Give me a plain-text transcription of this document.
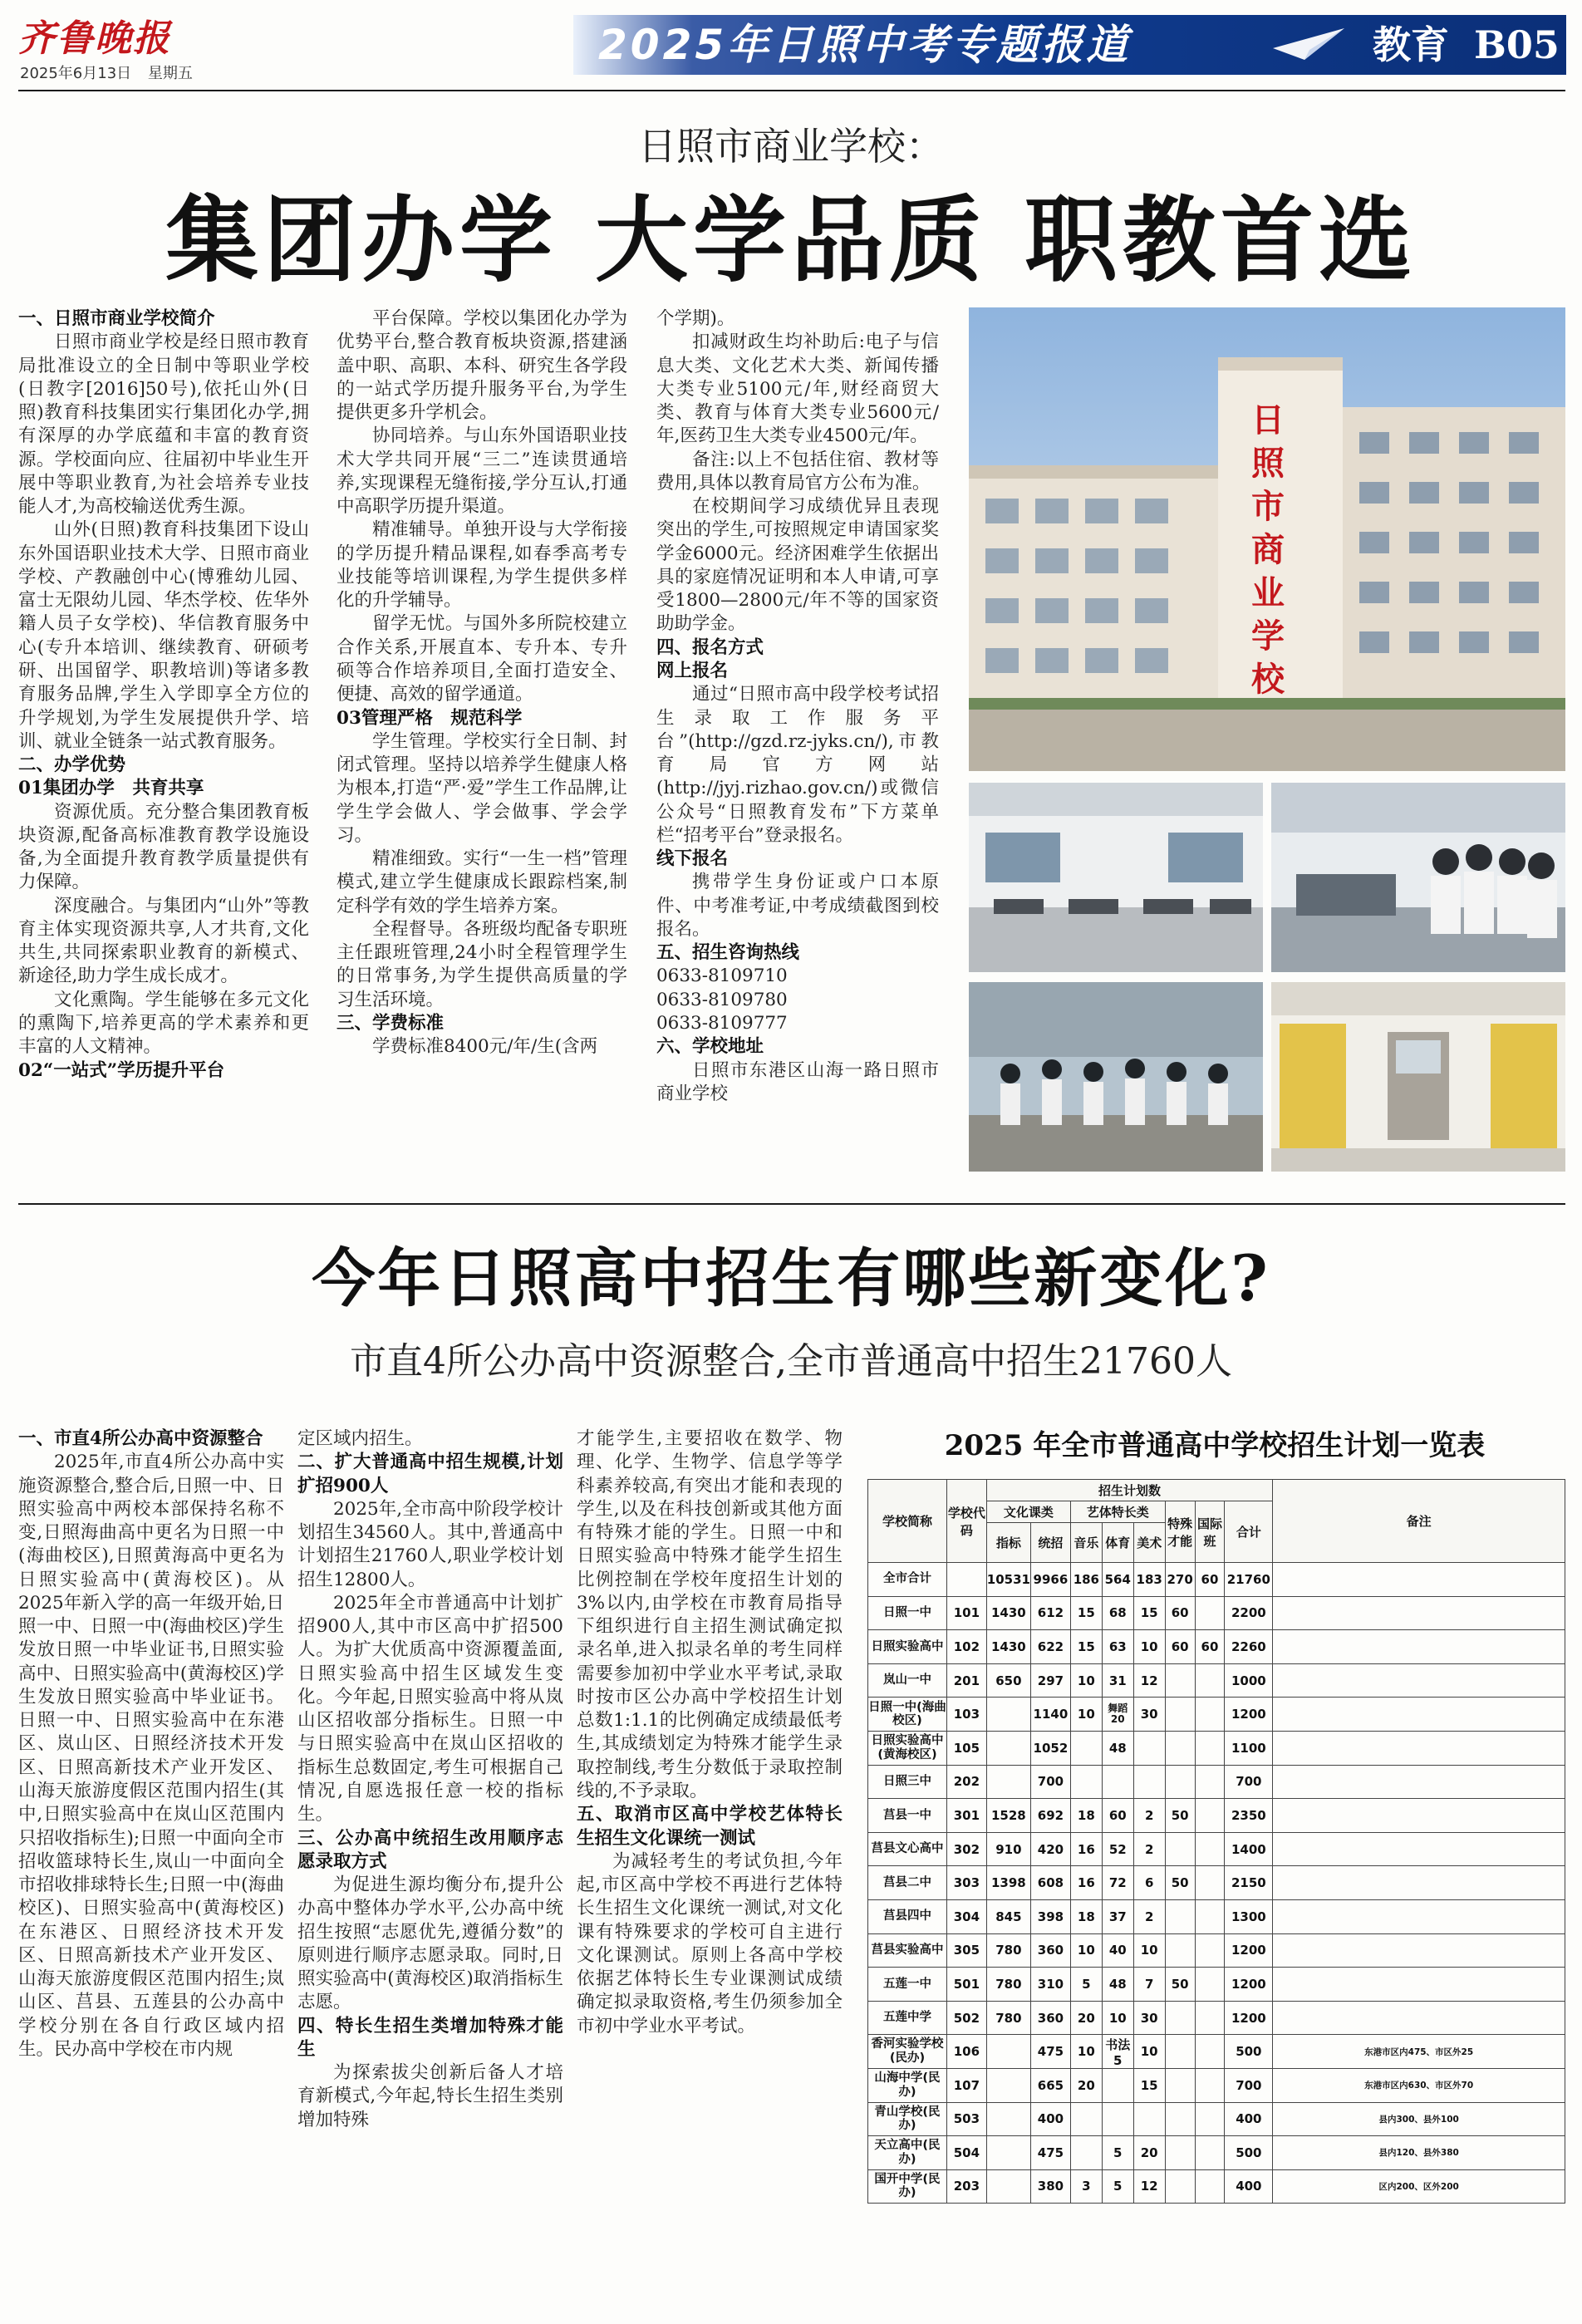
齐鲁晚报
2025年6月13日 星期五
2025年日照中考专题报道	教育 B05
日照市商业学校：
集团办学 大学品质 职教首选

一、日照市商业学校简介

日照市商业学校是经日照市教育局批准设立的全日制中等职业学校(日教字[2016]50号),依托山外(日照)教育科技集团实行集团化办学,拥有深厚的办学底蕴和丰富的教育资源。学校面向应、往届初中毕业生开展中等职业教育,为社会培养专业技能人才,为高校输送优秀生源。

山外(日照)教育科技集团下设山东外国语职业技术大学、日照市商业学校、产教融创中心(博雅幼儿园、富士无限幼儿园、华杰学校、佐华外籍人员子女学校)、华信教育服务中心(专升本培训、继续教育、研硕考研、出国留学、职教培训)等诸多教育服务品牌,学生入学即享全方位的升学规划,为学生发展提供升学、培训、就业全链条一站式教育服务。

二、办学优势

01集团办学　共育共享

资源优质。充分整合集团教育板块资源,配备高标准教育教学设施设备,为全面提升教育教学质量提供有力保障。

深度融合。与集团内“山外”等教育主体实现资源共享,人才共育,文化共生,共同探索职业教育的新模式、新途径,助力学生成长成才。

文化熏陶。学生能够在多元文化的熏陶下,培养更高的学术素养和更丰富的人文精神。

02“一站式”学历提升平台

平台保障。学校以集团化办学为优势平台,整合教育板块资源,搭建涵盖中职、高职、本科、研究生各学段的一站式学历提升服务平台,为学生提供更多升学机会。

协同培养。与山东外国语职业技术大学共同开展“三二”连读贯通培养,实现课程无缝衔接,学分互认,打通中高职学历提升渠道。

精准辅导。单独开设与大学衔接的学历提升精品课程,如春季高考专业技能等培训课程,为学生提供多样化的升学辅导。

留学无忧。与国外多所院校建立合作关系,开展直本、专升本、专升硕等合作培养项目,全面打造安全、便捷、高效的留学通道。

03管理严格　规范科学

学生管理。学校实行全日制、封闭式管理。坚持以培养学生健康人格为根本,打造“严·爱”学生工作品牌,让学生学会做人、学会做事、学会学习。

精准细致。实行“一生一档”管理模式,建立学生健康成长跟踪档案,制定科学有效的学生培养方案。

全程督导。各班级均配备专职班主任跟班管理,24小时全程管理学生的日常事务,为学生提供高质量的学习生活环境。

三、学费标准

学费标准8400元/年/生(含两

个学期)。

扣减财政生均补助后:电子与信息大类、文化艺术大类、新闻传播大类专业5100元/年,财经商贸大类、教育与体育大类专业5600元/年,医药卫生大类专业4500元/年。

备注:以上不包括住宿、教材等费用,具体以教育局官方公布为准。

在校期间学习成绩优异且表现突出的学生,可按照规定申请国家奖学金6000元。经济困难学生依据出具的家庭情况证明和本人申请,可享受1800—2800元/年不等的国家资助助学金。

四、报名方式

网上报名

通过“日照市高中段学校考试招生录取工作服务平台”(http://gzd.rz-jyks.cn/),市教育局官方网站(http://jyj.rizhao.gov.cn/)或微信公众号“日照教育发布”下方菜单栏“招考平台”登录报名。

线下报名

携带学生身份证或户口本原件、中考准考证,中考成绩截图到校报名。

五、招生咨询热线

0633-8109710

0633-8109780

0633-8109777

六、学校地址

日照市东港区山海一路日照市商业学校

日
照
市
商
业
学
校
今年日照高中招生有哪些新变化?
市直4所公办高中资源整合,全市普通高中招生21760人

一、市直4所公办高中资源整合

2025年,市直4所公办高中实施资源整合,整合后,日照一中、日照实验高中两校本部保持名称不变,日照海曲高中更名为日照一中(海曲校区),日照黄海高中更名为日照实验高中(黄海校区)。从2025年新入学的高一年级开始,日照一中、日照一中(海曲校区)学生发放日照一中毕业证书,日照实验高中、日照实验高中(黄海校区)学生发放日照实验高中毕业证书。日照一中、日照实验高中在东港区、岚山区、日照经济技术开发区、日照高新技术产业开发区、山海天旅游度假区范围内招生(其中,日照实验高中在岚山区范围内只招收指标生);日照一中面向全市招收篮球特长生,岚山一中面向全市招收排球特长生;日照一中(海曲校区)、日照实验高中(黄海校区)在东港区、日照经济技术开发区、日照高新技术产业开发区、山海天旅游度假区范围内招生;岚山区、莒县、五莲县的公办高中学校分别在各自行政区域内招生。民办高中学校在市内规

定区域内招生。

二、扩大普通高中招生规模,计划扩招900人

2025年,全市高中阶段学校计划招生34560人。其中,普通高中计划招生21760人,职业学校计划招生12800人。

2025年全市普通高中计划扩招900人,其中市区高中扩招500人。为扩大优质高中资源覆盖面,日照实验高中招生区域发生变化。今年起,日照实验高中将从岚山区招收部分指标生。日照一中与日照实验高中在岚山区招收的指标生总数固定,考生可根据自己情况,自愿选报任意一校的指标生。

三、公办高中统招生改用顺序志愿录取方式

为促进生源均衡分布,提升公办高中整体办学水平,公办高中统招生按照“志愿优先,遵循分数”的原则进行顺序志愿录取。同时,日照实验高中(黄海校区)取消指标生志愿。

四、特长生招生类增加特殊才能生

为探索拔尖创新后备人才培育新模式,今年起,特长生招生类别增加特殊

才能学生,主要招收在数学、物理、化学、生物学、信息学等学科素养较高,有突出才能和表现的学生,以及在科技创新或其他方面有特殊才能的学生。日照一中和日照实验高中特殊才能学生招生比例控制在学校年度招生计划的3%以内,由学校在市教育局指导下组织进行自主招生测试确定拟录名单,进入拟录名单的考生同样需要参加初中学业水平考试,录取时按市区公办高中学校招生计划总数1:1.1的比例确定成绩最低考生,其成绩划定为特殊才能学生录取控制线,考生分数低于录取控制线的,不予录取。

五、取消市区高中学校艺体特长生招生文化课统一测试

为减轻考生的考试负担,今年起,市区高中学校不再进行艺体特长生招生文化课统一测试,对文化课有特殊要求的学校可自主进行文化课测试。原则上各高中学校依据艺体特长生专业课测试成绩确定拟录取资格,考生仍须参加全市初中学业水平考试。

2025 年全市普通高中学校招生计划一览表
学校简称	学校代码	招生计划数								备注
		文化课类		艺体特长类			特殊才能	国际班	合计	
		指标	统招	音乐	体育	美术				
全市合计		10531	9966	186	564	183	270	60	21760	
日照一中	101	1430	612	15	68	15	60		2200	
日照实验高中	102	1430	622	15	63	10	60	60	2260	
岚山一中	201	650	297	10	31	12			1000	
日照一中(海曲校区)	103		1140	10	舞蹈20	30			1200	
日照实验高中(黄海校区)	105		1052		48				1100	
日照三中	202		700						700	
莒县一中	301	1528	692	18	60	2	50		2350	
莒县文心高中	302	910	420	16	52	2			1400	
莒县二中	303	1398	608	16	72	6	50		2150	
莒县四中	304	845	398	18	37	2			1300	
莒县实验高中	305	780	360	10	40	10			1200	
五莲一中	501	780	310	5	48	7	50		1200	
五莲中学	502	780	360	20	10	30			1200	
香河实验学校(民办)	106		475	10	书法5	10			500	东港市区内475、市区外25
山海中学(民办)	107		665	20		15			700	东港市区内630、市区外70
青山学校(民办)	503		400						400	县内300、县外100
天立高中(民办)	504		475		5	20			500	县内120、县外380
国开中学(民办)	203		380	3	5	12			400	区内200、区外200
